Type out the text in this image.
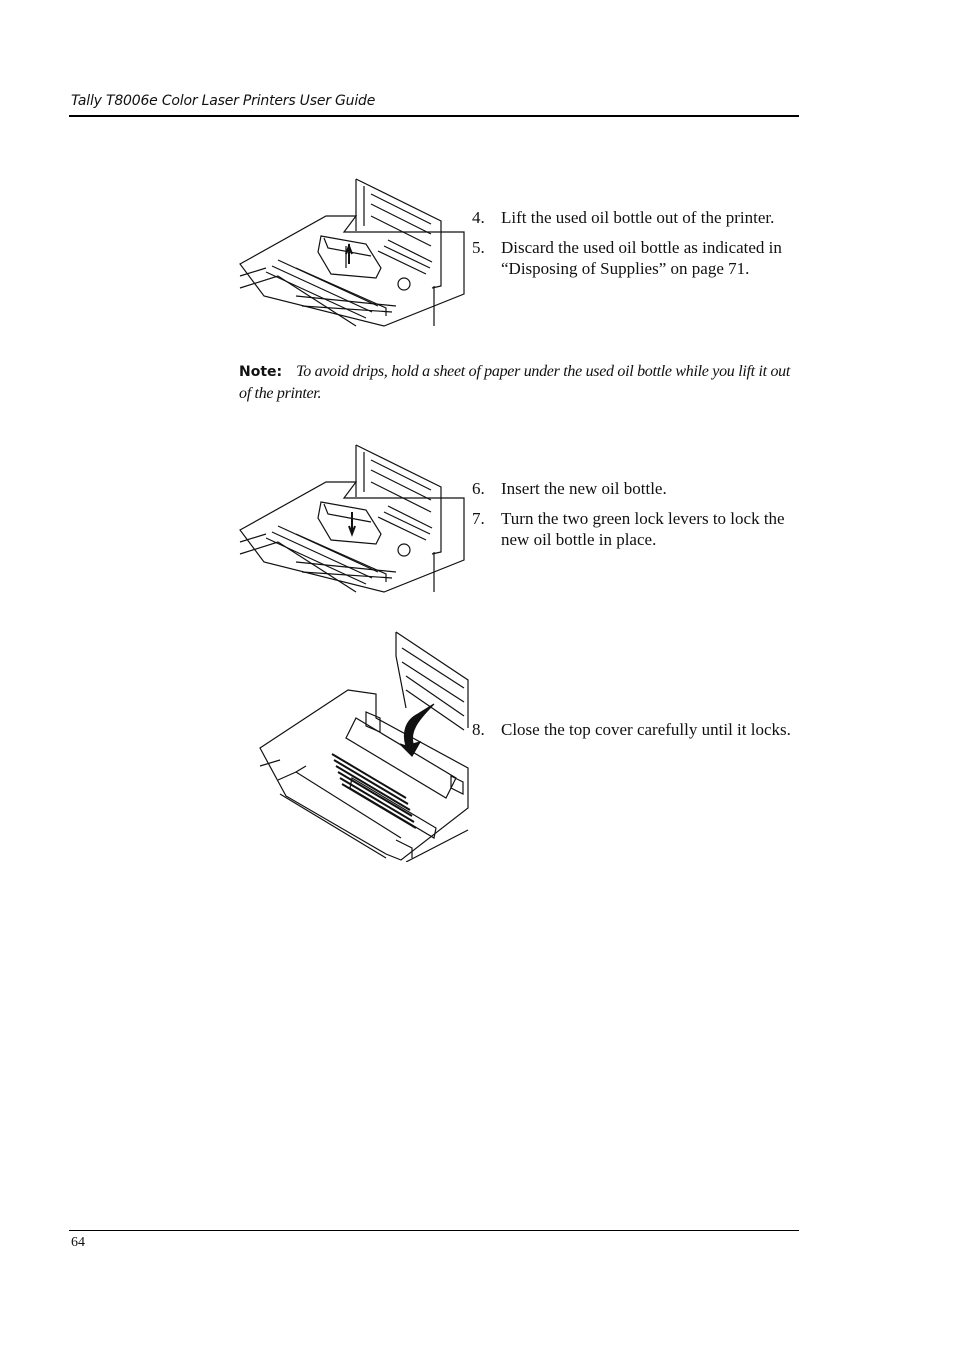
Tally T8006e Color Laser Printers User Guide
4. Lift the used oil bottle out of the printer.
5. Discard the used oil bottle as indicated in “Disposing of Supplies” on page 71.
Note: To avoid drips, hold a sheet of paper under the used oil bottle while you lift it out of the printer.
6. Insert the new oil bottle.
7. Turn the two green lock levers to lock the new oil bottle in place.
8. Close the top cover carefully until it locks.
64
